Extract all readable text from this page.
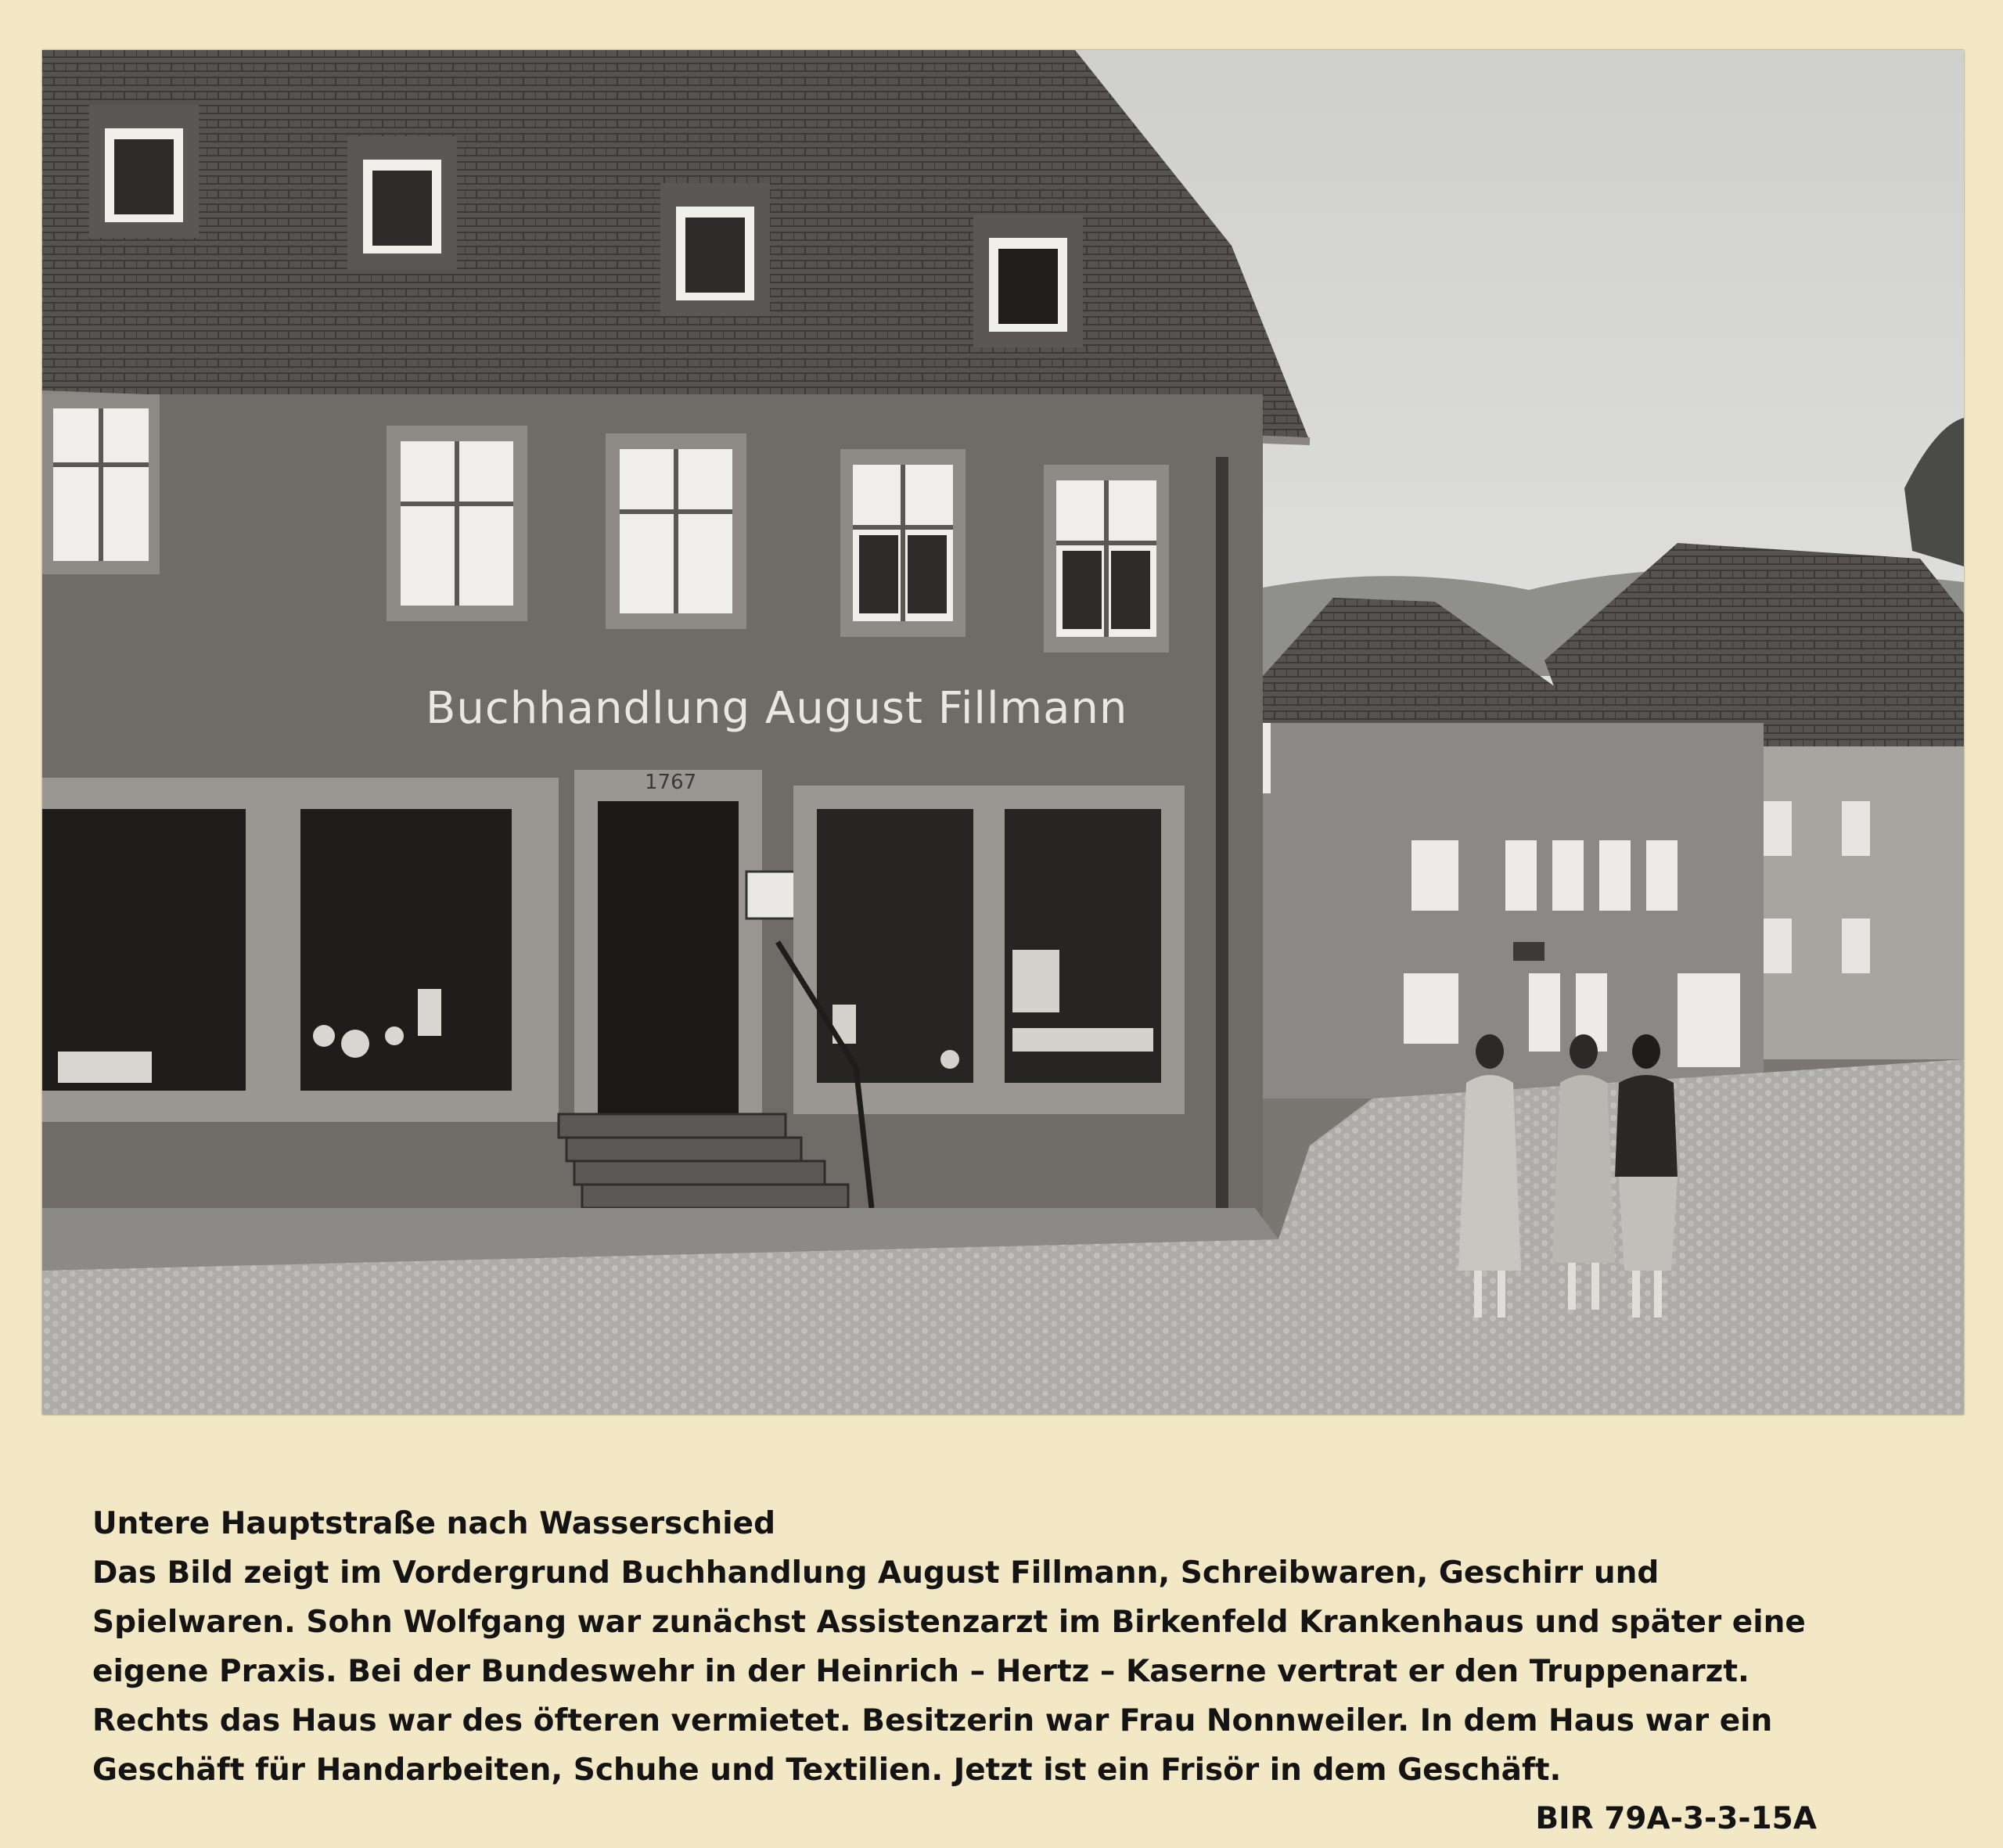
Buchhandlung August Fillmann
1767

Untere Hauptstraße nach Wasserschied

Das Bild zeigt im Vordergrund Buchhandlung August Fillmann, Schreibwaren, Geschirr und

Spielwaren. Sohn Wolfgang war zunächst Assistenzarzt im Birkenfeld Krankenhaus und später eine

eigene Praxis. Bei der Bundeswehr in der Heinrich – Hertz – Kaserne vertrat er den Truppenarzt.

Rechts das Haus war des öfteren vermietet. Besitzerin war Frau Nonnweiler. In dem Haus war ein

Geschäft für Handarbeiten, Schuhe und Textilien. Jetzt ist ein Frisör in dem Geschäft.

BIR 79A-3-3-15A
